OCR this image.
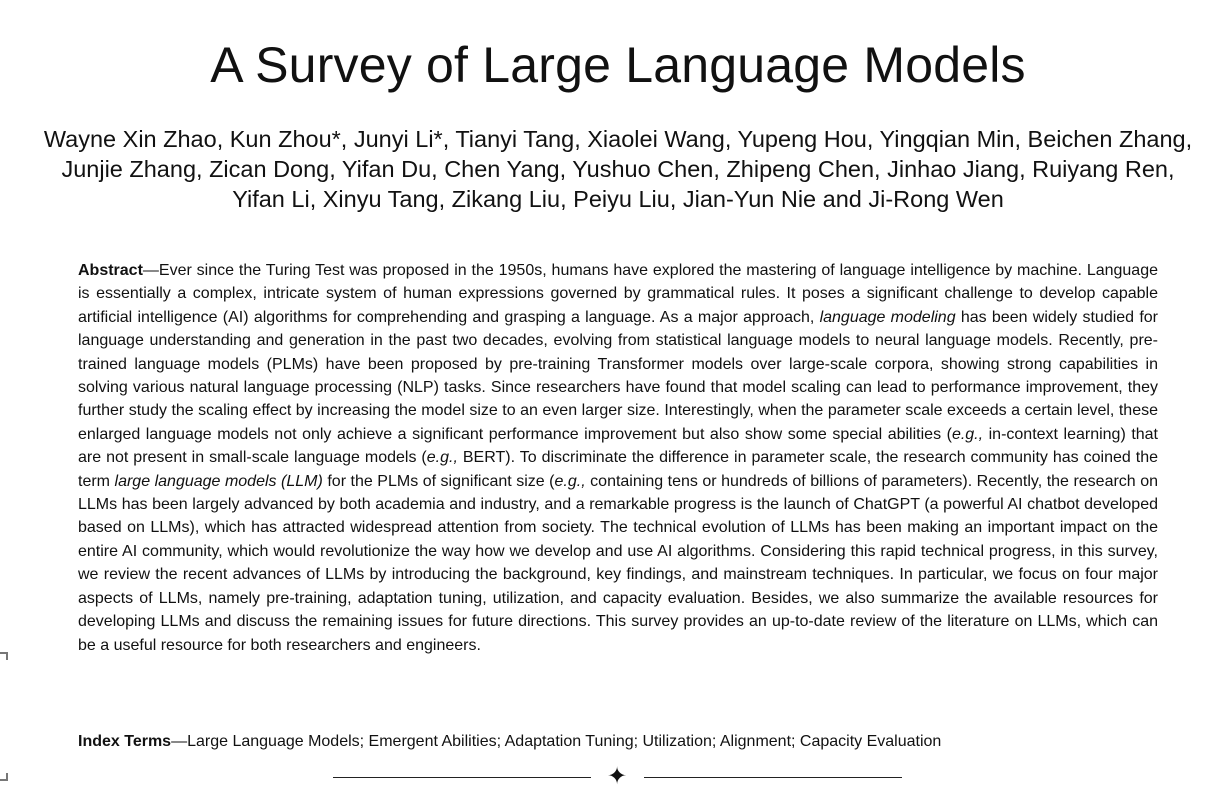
A Survey of Large Language Models

Wayne Xin Zhao, Kun Zhou*, Junyi Li*, Tianyi Tang, Xiaolei Wang, Yupeng Hou, Yingqian Min, Beichen Zhang, Junjie Zhang, Zican Dong, Yifan Du, Chen Yang, Yushuo Chen, Zhipeng Chen, Jinhao Jiang, Ruiyang Ren, Yifan Li, Xinyu Tang, Zikang Liu, Peiyu Liu, Jian-Yun Nie and Ji-Rong Wen

Abstract—Ever since the Turing Test was proposed in the 1950s, humans have explored the mastering of language intelligence by machine. Language is essentially a complex, intricate system of human expressions governed by grammatical rules. It poses a significant challenge to develop capable artificial intelligence (AI) algorithms for comprehending and grasping a language. As a major approach, language modeling has been widely studied for language understanding and generation in the past two decades, evolving from statistical language models to neural language models. Recently, pre-trained language models (PLMs) have been proposed by pre-training Transformer models over large-scale corpora, showing strong capabilities in solving various natural language processing (NLP) tasks. Since researchers have found that model scaling can lead to performance improvement, they further study the scaling effect by increasing the model size to an even larger size. Interestingly, when the parameter scale exceeds a certain level, these enlarged language models not only achieve a significant performance improvement but also show some special abilities (e.g., in-context learning) that are not present in small-scale language models (e.g., BERT). To discriminate the difference in parameter scale, the research community has coined the term large language models (LLM) for the PLMs of significant size (e.g., containing tens or hundreds of billions of parameters). Recently, the research on LLMs has been largely advanced by both academia and industry, and a remarkable progress is the launch of ChatGPT (a powerful AI chatbot developed based on LLMs), which has attracted widespread attention from society. The technical evolution of LLMs has been making an important impact on the entire AI community, which would revolutionize the way how we develop and use AI algorithms. Considering this rapid technical progress, in this survey, we review the recent advances of LLMs by introducing the background, key findings, and mainstream techniques. In particular, we focus on four major aspects of LLMs, namely pre-training, adaptation tuning, utilization, and capacity evaluation. Besides, we also summarize the available resources for developing LLMs and discuss the remaining issues for future directions. This survey provides an up-to-date review of the literature on LLMs, which can be a useful resource for both researchers and engineers.

Index Terms—Large Language Models; Emergent Abilities; Adaptation Tuning; Utilization; Alignment; Capacity Evaluation

✦
